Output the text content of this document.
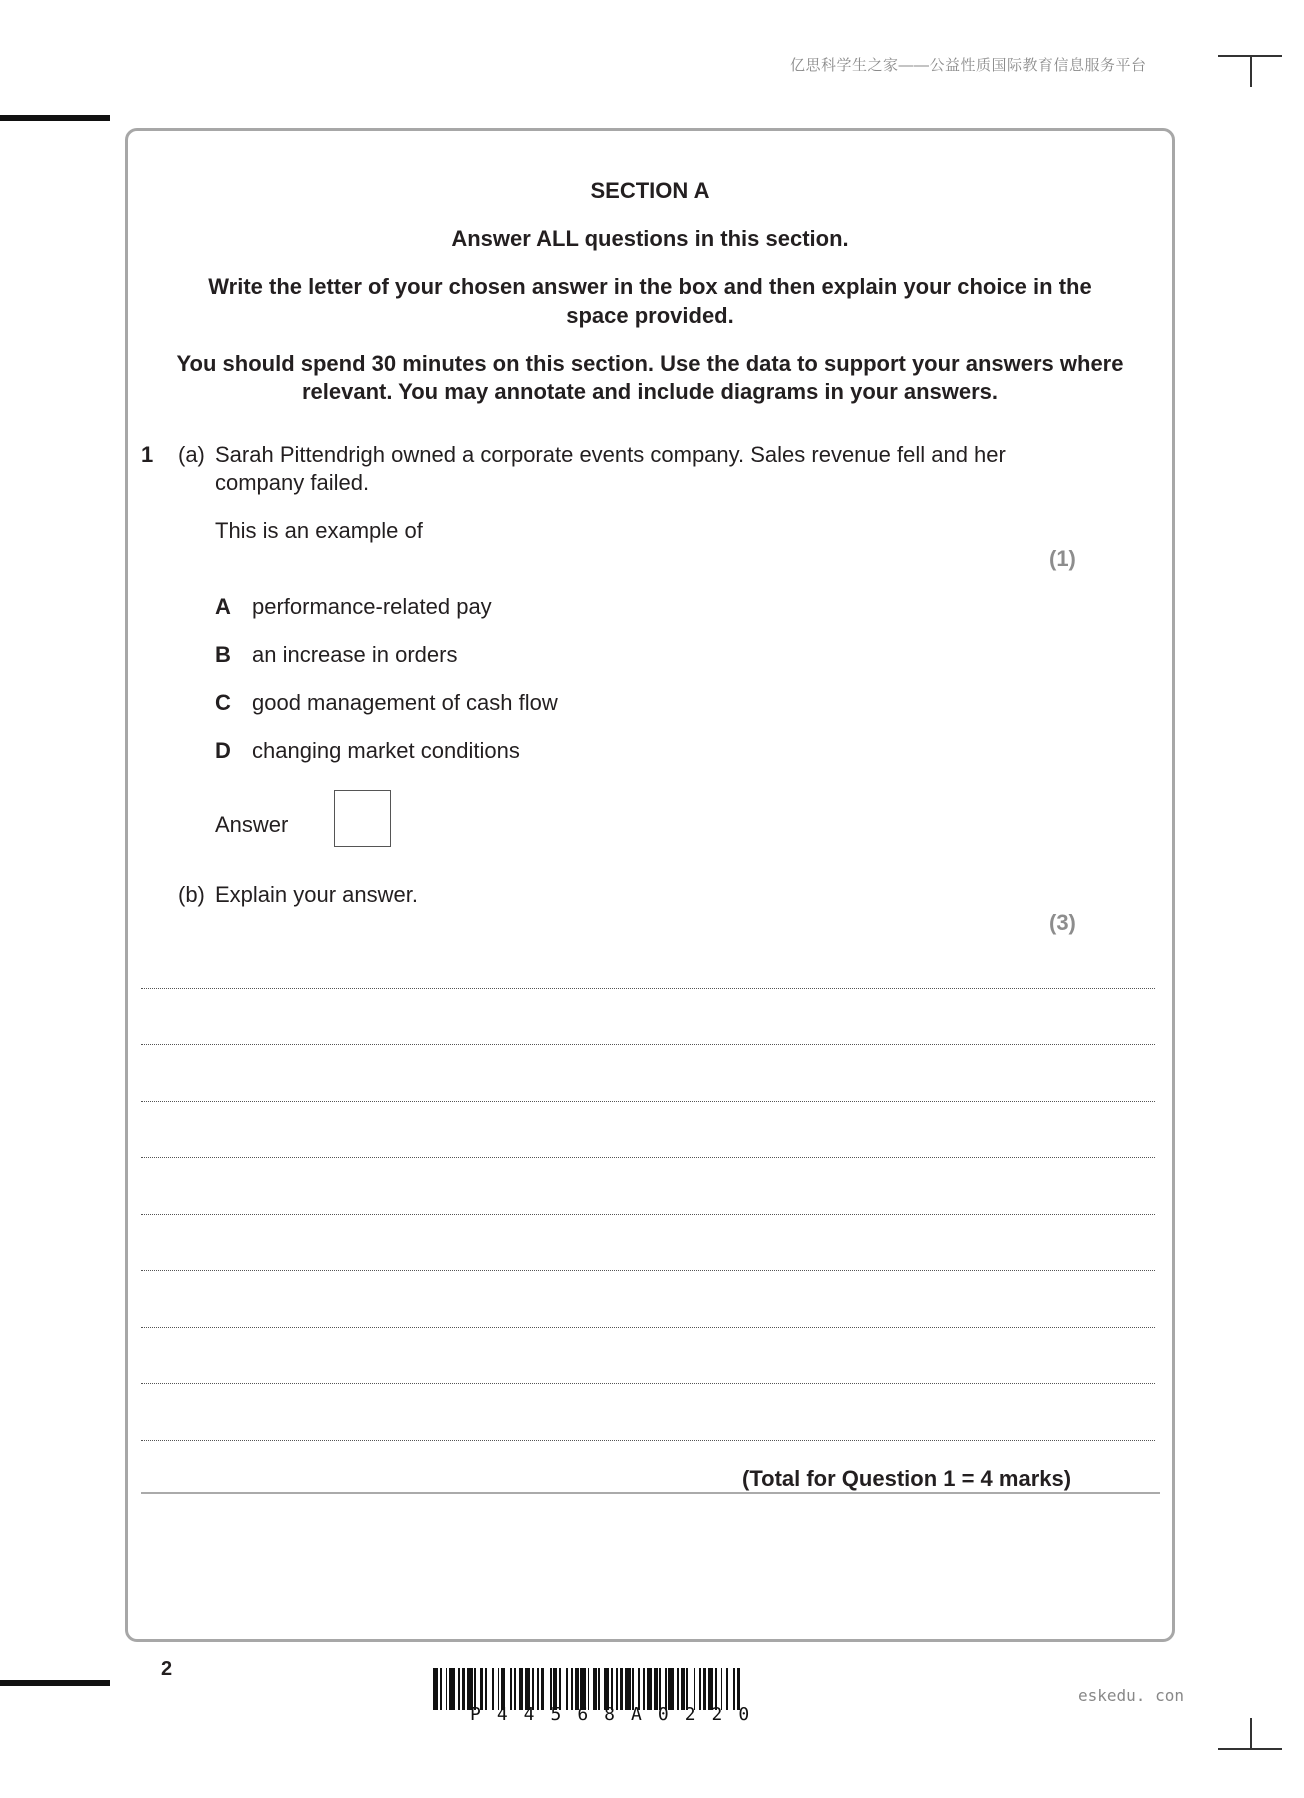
亿思科学生之家——公益性质国际教育信息服务平台
SECTION A
Answer ALL questions in this section.
Write the letter of your chosen answer in the box and then explain your choice in the
space provided.
You should spend 30 minutes on this section. Use the data to support your answers where
relevant. You may annotate and include diagrams in your answers.
1 (a) Sarah Pittendrigh owned a corporate events company. Sales revenue fell and her
company failed.
This is an example of
(1)
A performance-related pay
B an increase in orders
C good management of cash flow
D changing market conditions
Answer
(b) Explain your answer.
(3)
(Total for Question 1 = 4 marks)
2
P44568A0220
eskedu. con
